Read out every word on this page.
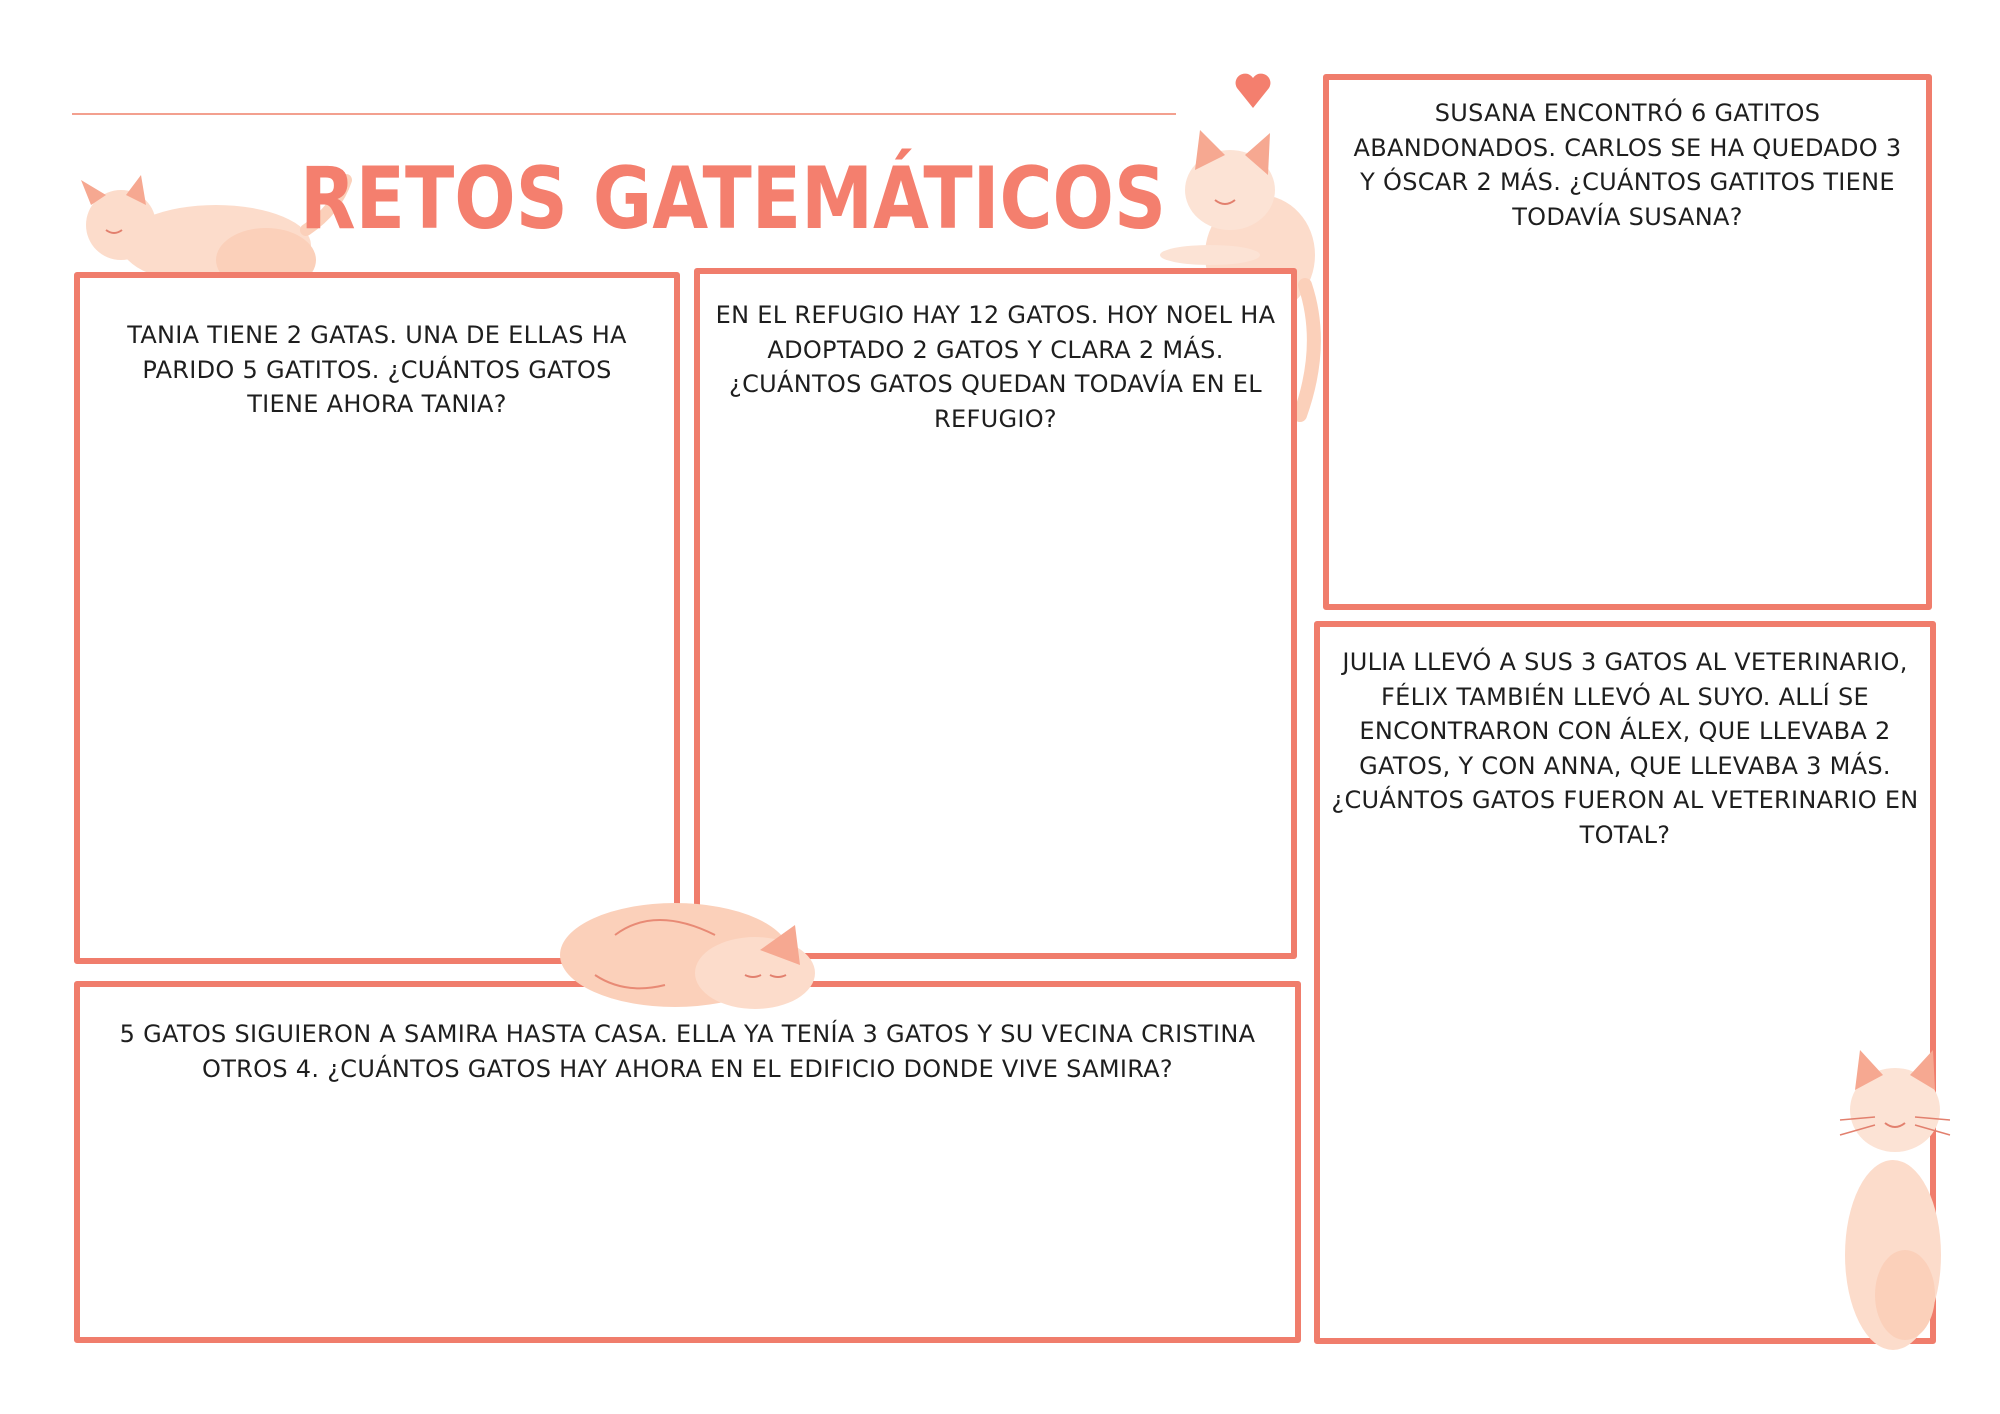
RETOS GATEMÁTICOS

TANIA TIENE 2 GATAS. UNA DE ELLAS HA PARIDO 5 GATITOS. ¿CUÁNTOS GATOS TIENE AHORA TANIA?

EN EL REFUGIO HAY 12 GATOS. HOY NOEL HA ADOPTADO 2 GATOS Y CLARA 2 MÁS. ¿CUÁNTOS GATOS QUEDAN TODAVÍA EN EL REFUGIO?

SUSANA ENCONTRÓ 6 GATITOS ABANDONADOS. CARLOS SE HA QUEDADO 3 Y ÓSCAR 2 MÁS. ¿CUÁNTOS GATITOS TIENE TODAVÍA SUSANA?

JULIA LLEVÓ A SUS 3 GATOS AL VETERINARIO, FÉLIX TAMBIÉN LLEVÓ AL SUYO. ALLÍ SE ENCONTRARON CON ÁLEX, QUE LLEVABA 2 GATOS, Y CON ANNA, QUE LLEVABA 3 MÁS. ¿CUÁNTOS GATOS FUERON AL VETERINARIO EN TOTAL?

5 GATOS SIGUIERON A SAMIRA HASTA CASA. ELLA YA TENÍA 3 GATOS Y SU VECINA CRISTINA OTROS 4. ¿CUÁNTOS GATOS HAY AHORA EN EL EDIFICIO DONDE VIVE SAMIRA?
